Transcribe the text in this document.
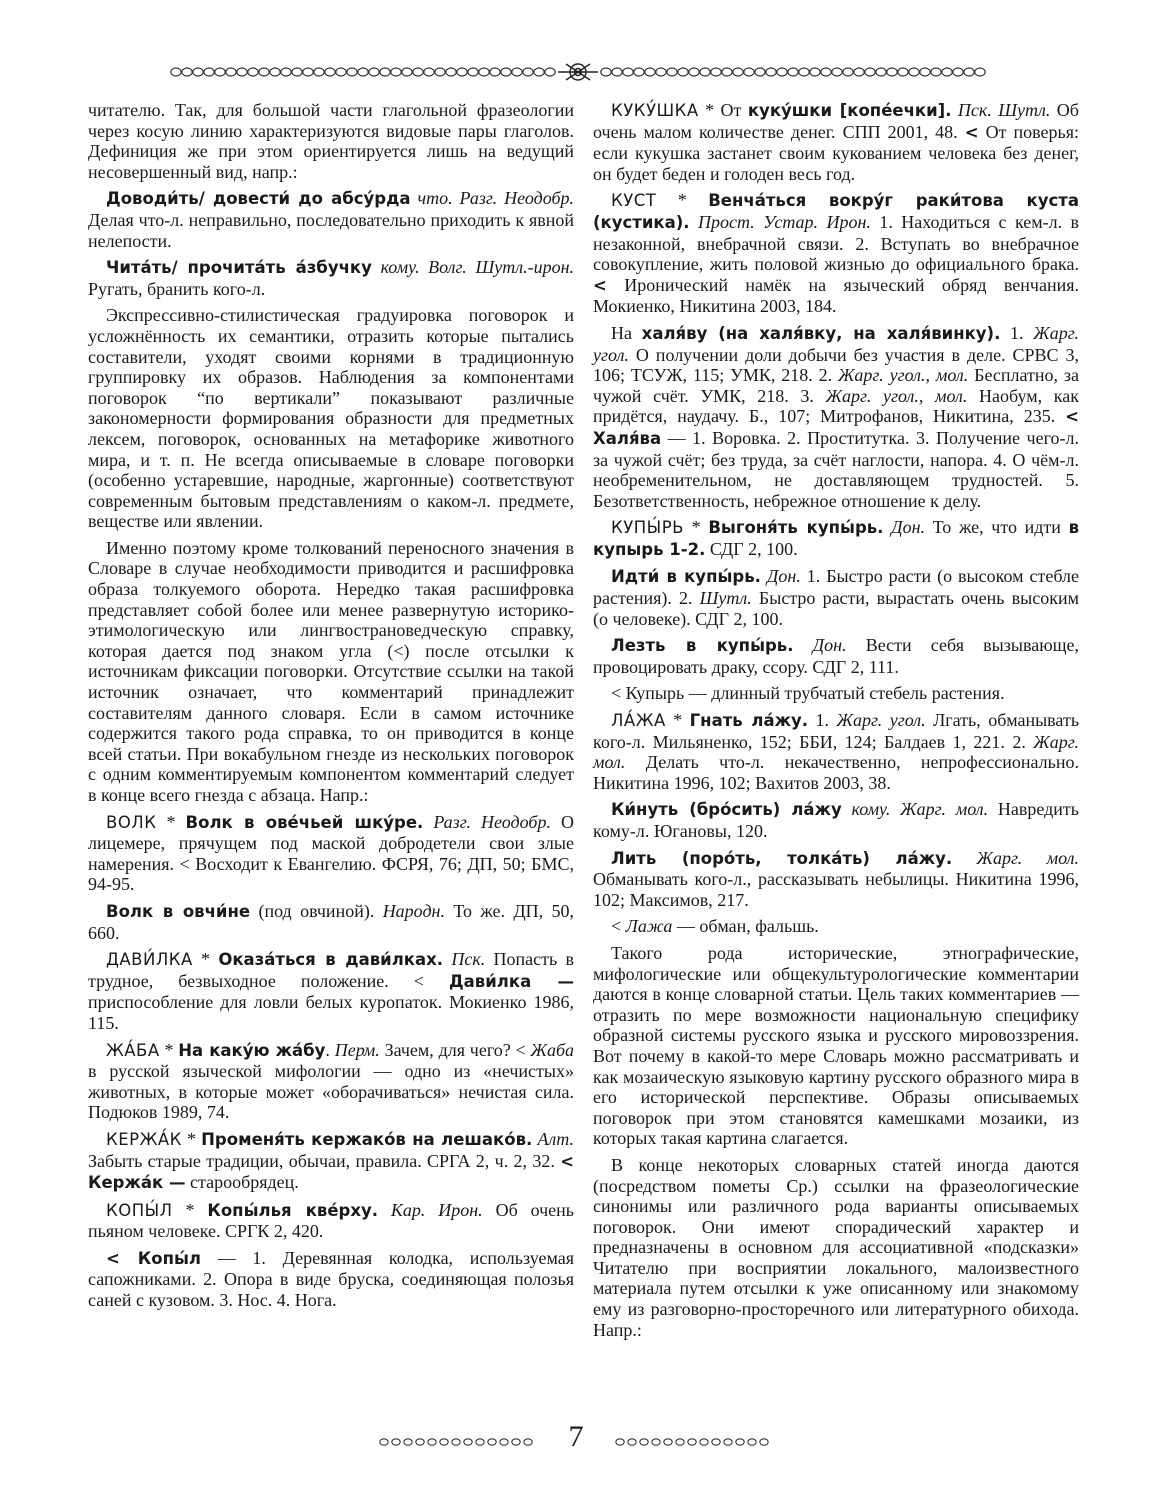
читателю. Так, для большой части глагольной фразеологии через косую линию характеризуются видовые пары глаголов. Дефиниция же при этом ориентируется лишь на ведущий несовершенный вид, напр.:

Доводи́ть/ довести́ до абсу́рда что. Разг. Неодобр. Делая что-л. неправильно, последовательно приходить к явной нелепости.

Чита́ть/ прочита́ть а́збучку кому. Волг. Шутл.-ирон. Ругать, бранить кого-л.

Экспрессивно-стилистическая градуировка поговорок и усложнённость их семантики, отразить которые пытались составители, уходят своими корнями в традиционную группировку их образов. Наблюдения за компонентами поговорок “по вертикали” показывают различные закономерности формирования образности для предметных лексем, поговорок, основанных на метафорике животного мира, и т. п. Не всегда описываемые в словаре поговорки (особенно устаревшие, народные, жаргонные) соответствуют современным бытовым представлениям о каком-л. предмете, веществе или явлении.

Именно поэтому кроме толкований переносного значения в Словаре в случае необходимости приводится и расшифровка образа толкуемого оборота. Нередко такая расшифровка представляет собой более или менее развернутую историко-этимологическую или лингвострановедческую справку, которая дается под знаком угла (<) после отсылки к источникам фиксации поговорки. Отсутствие ссылки на такой источник означает, что комментарий принадлежит составителям данного словаря. Если в самом источнике содержится такого рода справка, то он приводится в конце всей статьи. При вокабульном гнезде из нескольких поговорок с одним комментируемым компонентом комментарий следует в конце всего гнезда с абзаца. Напр.:

ВОЛК * Волк в ове́чьей шку́ре. Разг. Неодобр. О лицемере, прячущем под маской добродетели свои злые намерения. < Восходит к Евангелию. ФСРЯ, 76; ДП, 50; БМС, 94-95.

Волк в овчи́не (под овчиной). Народн. То же. ДП, 50, 660.

ДАВИ́ЛКА * Оказа́ться в дави́лках. Пск. Попасть в трудное, безвыходное положение. < Дави́лка — приспособление для ловли белых куропаток. Мокиенко 1986, 115.

ЖА́БА * На каку́ю жа́бу. Перм. Зачем, для чего? < Жаба в русской языческой мифологии — одно из «нечистых» животных, в которые может «оборачиваться» нечистая сила. Подюков 1989, 74.

КЕРЖА́К * Променя́ть кержако́в на лешако́в. Алт. Забыть старые традиции, обычаи, правила. СРГА 2, ч. 2, 32. < Кержа́к — старообрядец.

КОПЫ́Л * Копы́лья кве́рху. Кар. Ирон. Об очень пьяном человеке. СРГК 2, 420.

< Копы́л — 1. Деревянная колодка, используемая сапожниками. 2. Опора в виде бруска, соединяющая полозья саней с кузовом. 3. Нос. 4. Нога.

КУКУ́ШКА * От куку́шки [копе́ечки]. Пск. Шутл. Об очень малом количестве денег. СПП 2001, 48. < От поверья: если кукушка застанет своим кукованием человека без денег, он будет беден и голоден весь год.

КУСТ * Венча́ться вокру́г раки́това куста (кустика). Прост. Устар. Ирон. 1. Находиться с кем-л. в незаконной, внебрачной связи. 2. Вступать во внебрачное совокупление, жить половой жизнью до официального брака. < Иронический намёк на языческий обряд венчания. Мокиенко, Никитина 2003, 184.

На халя́ву (на халя́вку, на халя́винку). 1. Жарг. угол. О получении доли добычи без участия в деле. СРВС 3, 106; ТСУЖ, 115; УМК, 218. 2. Жарг. угол., мол. Бесплатно, за чужой счёт. УМК, 218. 3. Жарг. угол., мол. Наобум, как придётся, наудачу. Б., 107; Митрофанов, Никитина, 235. < Халя́ва — 1. Воровка. 2. Проститутка. 3. Получение чего-л. за чужой счёт; без труда, за счёт наглости, напора. 4. О чём-л. необременительном, не доставляющем трудностей. 5. Безответственность, небрежное отношение к делу.

КУПЫ́РЬ * Выгоня́ть купы́рь. Дон. То же, что идти в купырь 1-2. СДГ 2, 100.

Идти́ в купы́рь. Дон. 1. Быстро расти (о высоком стебле растения). 2. Шутл. Быстро расти, вырастать очень высоким (о человеке). СДГ 2, 100.

Лезть в купы́рь. Дон. Вести себя вызывающе, провоцировать драку, ссору. СДГ 2, 111.

< Купырь — длинный трубчатый стебель растения.

ЛА́ЖА * Гнать ла́жу. 1. Жарг. угол. Лгать, обманывать кого-л. Мильяненко, 152; ББИ, 124; Балдаев 1, 221. 2. Жарг. мол. Делать что-л. некачественно, непрофессионально. Никитина 1996, 102; Вахитов 2003, 38.

Ки́нуть (бро́сить) ла́жу кому. Жарг. мол. Навредить кому-л. Югановы, 120.

Лить (поро́ть, толка́ть) ла́жу. Жарг. мол. Обманывать кого-л., рассказывать небылицы. Никитина 1996, 102; Максимов, 217.

< Лажа — обман, фальшь.

Такого рода исторические, этнографические, мифологические или общекультурологические комментарии даются в конце словарной статьи. Цель таких комментариев — отразить по мере возможности национальную специфику образной системы русского языка и русского мировоззрения. Вот почему в какой-то мере Словарь можно рассматривать и как мозаическую языковую картину русского образного мира в его исторической перспективе. Образы описываемых поговорок при этом становятся камешками мозаики, из которых такая картина слагается.

В конце некоторых словарных статей иногда даются (посредством пометы Ср.) ссылки на фразеологические синонимы или различного рода варианты описываемых поговорок. Они имеют спорадический характер и предназначены в основном для ассоциативной «подсказки» Читателю при восприятии локального, малоизвестного материала путем отсылки к уже описанному или знакомому ему из разговорно-просторечного или литературного обихода. Напр.:

7
